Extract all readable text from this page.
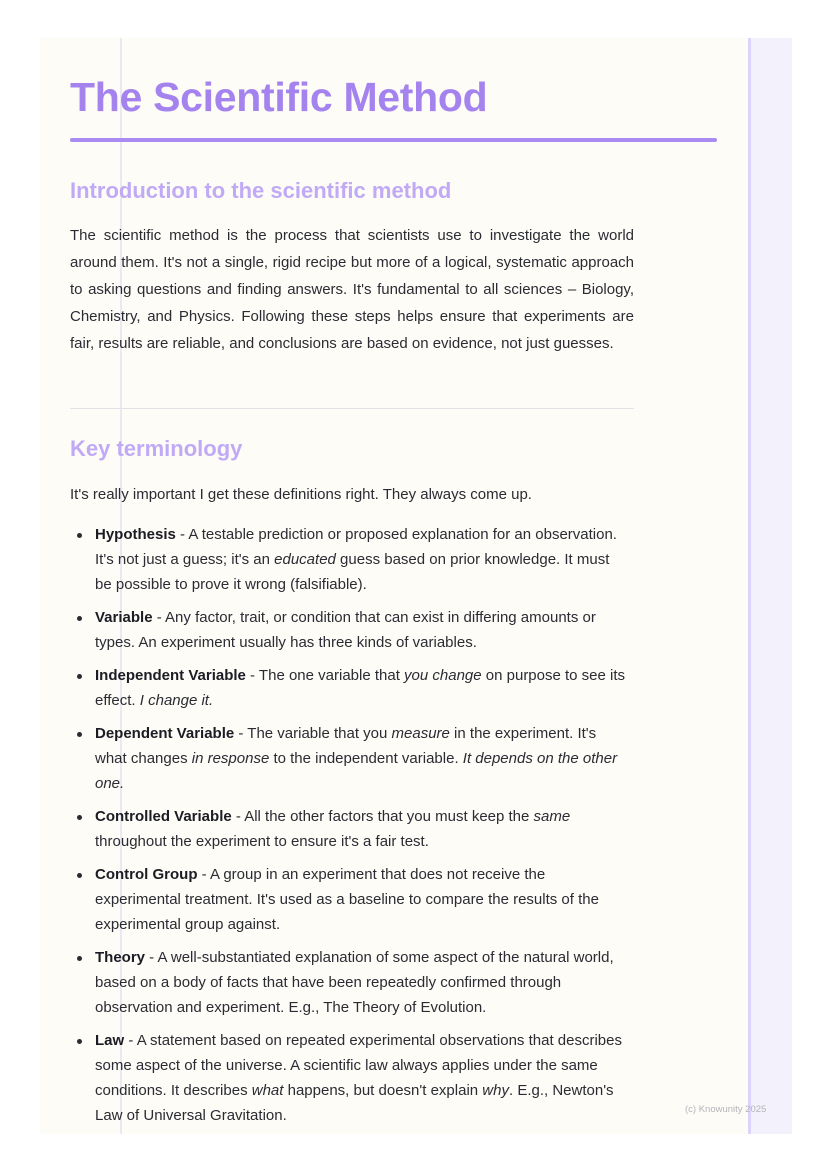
The Scientific Method
Introduction to the scientific method

The scientific method is the process that scientists use to investigate the world around them. It's not a single, rigid recipe but more of a logical, systematic approach to asking questions and finding answers. It's fundamental to all sciences – Biology, Chemistry, and Physics. Following these steps helps ensure that experiments are fair, results are reliable, and conclusions are based on evidence, not just guesses.

Key terminology

It's really important I get these definitions right. They always come up.

Hypothesis - A testable prediction or proposed explanation for an observation. It's not just a guess; it's an educated guess based on prior knowledge. It must be possible to prove it wrong (falsifiable).
Variable - Any factor, trait, or condition that can exist in differing amounts or types. An experiment usually has three kinds of variables.
Independent Variable - The one variable that you change on purpose to see its effect. I change it.
Dependent Variable - The variable that you measure in the experiment. It's what changes in response to the independent variable. It depends on the other one.
Controlled Variable - All the other factors that you must keep the same throughout the experiment to ensure it's a fair test.
Control Group - A group in an experiment that does not receive the experimental treatment. It's used as a baseline to compare the results of the experimental group against.
Theory - A well-substantiated explanation of some aspect of the natural world, based on a body of facts that have been repeatedly confirmed through observation and experiment. E.g., The Theory of Evolution.
Law - A statement based on repeated experimental observations that describes some aspect of the universe. A scientific law always applies under the same conditions. It describes what happens, but doesn't explain why. E.g., Newton's Law of Universal Gravitation.	(c) Knowunity 2025
